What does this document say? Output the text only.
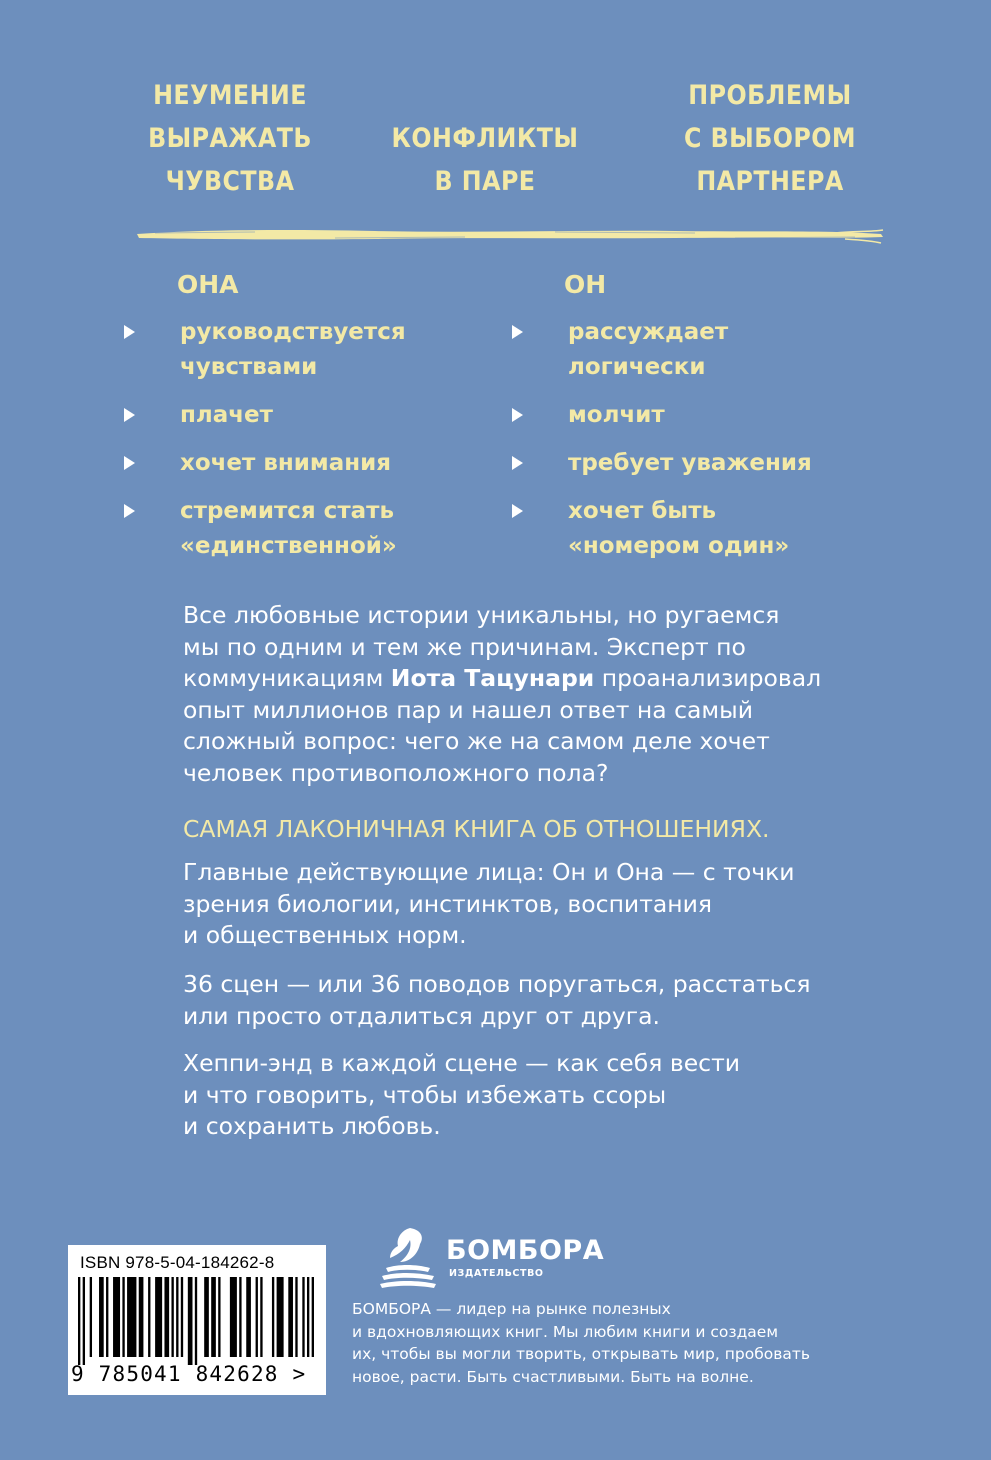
НЕУМЕНИЕ
ВЫРАЖАТЬ
ЧУВСТВА
КОНФЛИКТЫ
В ПАРЕ
ПРОБЛЕМЫ
С ВЫБОРОМ
ПАРТНЕРА
ОНА	ОН
руководствуется
чувствами
плачет
хочет внимания
стремится стать
«единственной»
рассуждает
логически
молчит
требует уважения
хочет быть
«номером один»
Все любовные истории уникальны, но ругаемся
мы по одним и тем же причинам. Эксперт по
коммуникациям Иота Тацунари проанализировал
опыт миллионов пар и нашел ответ на самый
сложный вопрос: чего же на самом деле хочет
человек противоположного пола?
САМАЯ ЛАКОНИЧНАЯ КНИГА ОБ ОТНОШЕНИЯХ.
Главные действующие лица: Он и Она — с точки
зрения биологии, инстинктов, воспитания
и общественных норм.
36 сцен — или 36 поводов поругаться, расстаться
или просто отдалиться друг от друга.
Хеппи-энд в каждой сцене — как себя вести
и что говорить, чтобы избежать ссоры
и сохранить любовь.
ISBN 978-5-04-184262-8
9 785041 842628 >
БОМБОРА
ИЗДАТЕЛЬСТВО
БОМБОРА — лидер на рынке полезных
и вдохновляющих книг. Мы любим книги и создаем
их, чтобы вы могли творить, открывать мир, пробовать
новое, расти. Быть счастливыми. Быть на волне.
